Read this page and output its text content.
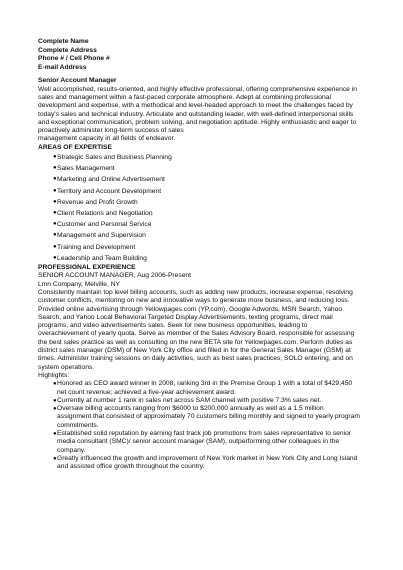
Complete Name
Complete Address
Phone # / Cell Phone #
E-mail Address
Senior Account Manager
Well accomplished, results-oriented, and highly effective professional, offering comprehensive experience in
sales and management within a fast-paced corporate atmosphere. Adept at combining professional
development and expertise, with a methodical and level-headed approach to meet the challenges faced by
today's sales and technical industry. Articulate and outstanding leader, with well-defined interpersonal skills
and exceptional communication, problem solving, and negotiation aptitude. Highly enthusiastic and eager to
proactively administer long-term success of sales
management capacity in all fields of endeavor.
AREAS OF EXPERTISE
● Strategic Sales and Business Planning
● Sales Management
● Marketing and Online Advertisement
● Territory and Account Development
● Revenue and Profit Growth
● Client Relations and Negotiation
● Customer and Personal Service
● Management and Supervision
● Training and Development
● Leadership and Team Building
PROFESSIONAL EXPERIENCE
SENIOR ACCOUNT MANAGER, Aug 2006-Present
Lmn Company, Melville, NY
Consistently maintain top level billing accounts, such as adding new products, increase expense, resolving
customer conflicts, mentoring on new and innovative ways to generate more business, and reducing loss.
Provided online advertising through Yellowpages.com (YP.com), Google Adwords, MSN Search, Yahoo
Search, and Yahoo Local Behavioral Targeted Display Advertisements, texting programs, direct mail
programs, and video advertisements sales. Seek for new business opportunities, leading to
overachievement of yearly quota. Serve as member of the Sales Advisory Board, responsible for assessing
the best sales practice as well as consulting on the new BETA site for Yellowpages.com. Perform duties as
district sales manager (DSM) of New York City office and filled in for the General Sales Manager (GSM) at
times. Administer training sessions on daily activities, such as best sales practices, SOLO entering, and on
system operations.
Highlights:
● Honored as CEO award winner in 2008, ranking 3rd in the Premise Group 1 with a total of $429,450
net count revenue; achieved a five-year achievement award.
● Currently at number 1 rank in sales net across SAM channel with positive 7.3% sales net.
● Oversaw billing accounts ranging from $6000 to $200,000 annually as well as a 1.5 million
assignment that consisted of approximately 70 customers billing monthly and signed to yearly program
commitments.
● Established solid reputation by earning fast track job promotions from sales representative to senior
media consultant (SMC)/ senior account manager (SAM), outperforming other colleagues in the
company.
● Greatly influenced the growth and improvement of New York market in New York City and Long Island
and assisted office growth throughout the country.
